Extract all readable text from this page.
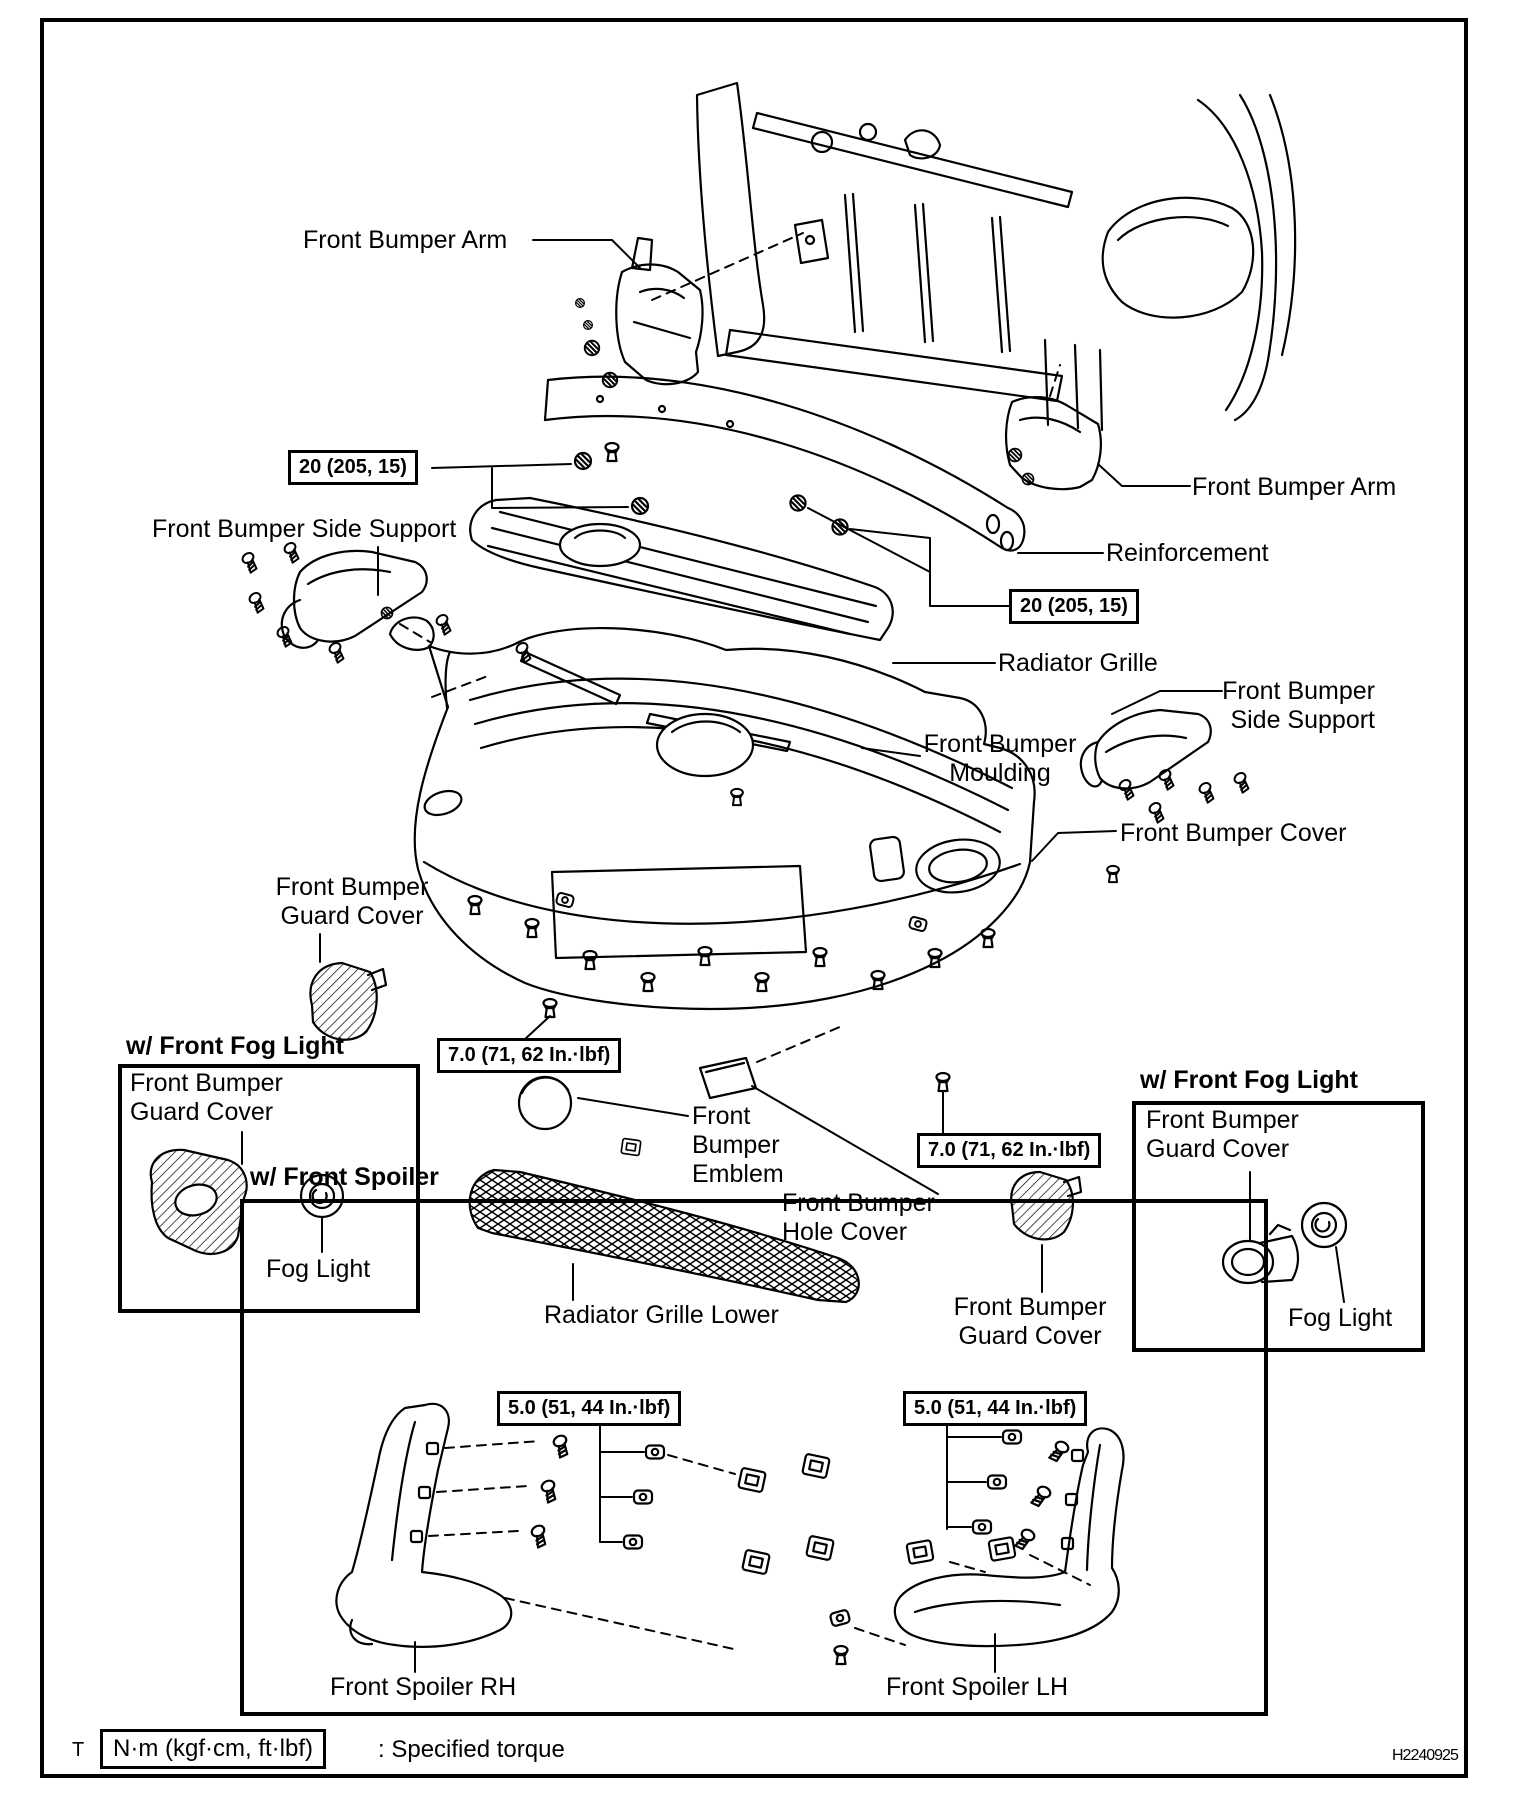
Front Bumper Arm
20 (205, 15)
Front Bumper Side Support
Front Bumper Arm
Reinforcement
20 (205, 15)
Radiator Grille
Front Bumper
Side Support
Front Bumper
Moulding
Front Bumper Cover
Front Bumper
Guard Cover
7.0 (71, 62 In.·lbf)
w/ Front Fog Light
Front Bumper
Guard Cover
Fog Light
Front
Bumper
Emblem
Front Bumper
Hole Cover
7.0 (71, 62 In.·lbf)
Radiator Grille Lower	Front Bumper
Guard Cover
w/ Front Fog Light
Front Bumper
Guard Cover
Fog Light
w/ Front Spoiler
5.0 (51, 44 In.·lbf)	5.0 (51, 44 In.·lbf)
Front Spoiler RH	Front Spoiler LH
T	N·m (kgf·cm, ft·lbf)	: Specified torque	H2240925
